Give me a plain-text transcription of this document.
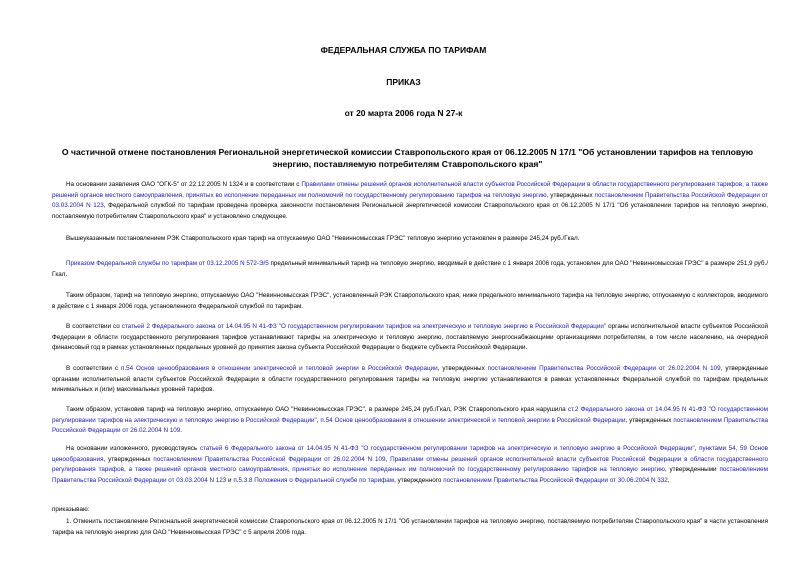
ФЕДЕРАЛЬНАЯ СЛУЖБА ПО ТАРИФАМ
ПРИКАЗ
от 20 марта 2006 года N 27-к
О частичной отмене постановления Региональной энергетической комиссии Ставропольского края от 06.12.2005 N 17/1 "Об установлении тарифов на тепловую энергию, поставляемую потребителям Ставропольского края"

На основании заявления ОАО "ОГК-5" от 22.12.2005 N 1324 и в соответствии с Правилами отмены решений органов исполнительной власти субъектов Российской Федерации в области государственного регулирования тарифов, а также решений органов местного самоуправления, принятых во исполнение переданных им полномочий по государственному регулированию тарифов на тепловую энергию, утвержденных постановлением Правительства Российской Федерации от 03.03.2004 N 123, Федеральной службой по тарифам проведена проверка законности постановления Региональной энергетической комиссии Ставропольского края от 06.12.2005 N 17/1 "Об установлении тарифов на тепловую энергию, поставляемую потребителям Ставропольского края" и установлено следующее.

Вышеуказанным постановлением РЭК Ставропольского края тариф на отпускаемую ОАО "Невинномысская ГРЭС" тепловую энергию установлен в размере 245,24 руб./Гкал.

Приказом Федеральной службы по тарифам от 03.12.2005 N 572-Э/5 предельный минимальный тариф на тепловую энергию, вводимый в действие с 1 января 2006 года, установлен для ОАО "Невинномысская ГРЭС" в размере 251,9 руб./Гкал.

Таким образом, тариф на тепловую энергию, отпускаемую ОАО "Невинномысская ГРЭС", установленный РЭК Ставропольского края, ниже предельного минимального тарифа на тепловую энергию, отпускаемую с коллекторов, вводимого в действие с 1 января 2006 года, установленного Федеральной службой по тарифам.

В соответствии со статьей 2 Федерального закона от 14.04.95 N 41-ФЗ "О государственном регулировании тарифов на электрическую и тепловую энергию в Российской Федерации" органы исполнительной власти субъектов Российской Федерации в области государственного регулирования тарифов устанавливают тарифы на электрическую и тепловую энергию, поставляемую энергоснабжающими организациями потребителям, в том числе населению, на очередной финансовый год в рамках установленных предельных уровней до принятия закона субъекта Российской Федерации о бюджете субъекта Российской Федерации.

В соответствии с п.54 Основ ценообразования в отношении электрической и тепловой энергии в Российской Федерации, утвержденных постановлением Правительства Российской Федерации от 26.02.2004 N 109, утвержденные органами исполнительной власти субъектов Российской Федерации в области государственного регулирования тарифы на тепловую энергию устанавливаются в рамках установленных Федеральной службой по тарифам предельных минимальных и (или) максимальных уровней тарифов.

Таким образом, установив тариф на тепловую энергию, отпускаемую ОАО "Невинномысская ГРЭС", в размере 245,24 руб./Гкал, РЭК Ставропольского края нарушила ст.2 Федерального закона от 14.04.95 N 41-ФЗ "О государственном регулировании тарифов на электрическую и тепловую энергию в Российской Федерации", п.54 Основ ценообразования в отношении электрической и тепловой энергии в Российской Федерации, утвержденных постановлением Правительства Российской Федерации от 26.02.2004 N 109.

На основании изложенного, руководствуясь статьей 6 Федерального закона от 14.04.95 N 41-ФЗ "О государственном регулировании тарифов на электрическую и тепловую энергию в Российской Федерации", пунктами 54, 59 Основ ценообразования, утвержденных постановлением Правительства Российской Федерации от 26.02.2004 N 109, Правилами отмены решений органов исполнительной власти субъектов Российской Федерации в области государственного регулирования тарифов, а также решений органов местного самоуправления, принятых во исполнение переданных им полномочий по государственному регулированию тарифов на тепловую энергию, утвержденными постановлением Правительства Российской Федерации от 03.03.2004 N 123 и п.5.3.8 Положения о Федеральной службе по тарифам, утвержденного постановлением Правительства Российской Федерации от 30.06.2004 N 332,

приказываю:

1. Отменить постановление Региональной энергетической комиссии Ставропольского края от 06.12.2005 N 17/1 "Об установлении тарифов на тепловую энергию, поставляемую потребителям Ставропольского края" в части установления тарифа на тепловую энергию для ОАО "Невинномысская ГРЭС" с 5 апреля 2006 года.
